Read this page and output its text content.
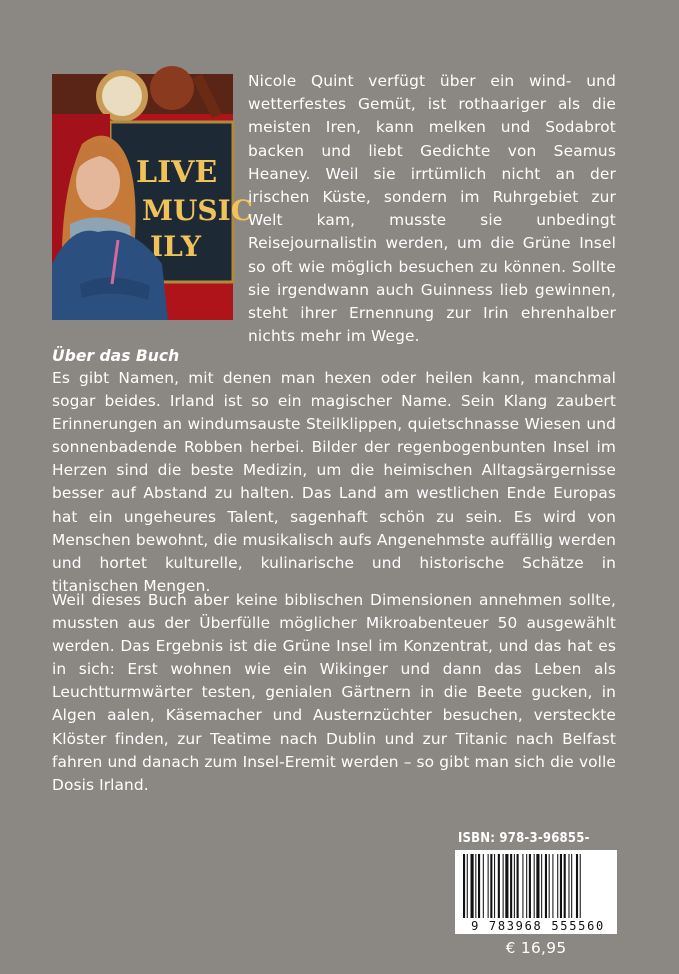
LIVE
MUSIC
ILY

Nicole Quint verfügt über ein wind- und wetterfestes Gemüt, ist rothaariger als die meisten Iren, kann melken und Sodabrot backen und liebt Gedichte von Seamus Heaney. Weil sie irrtümlich nicht an der irischen Küste, sondern im Ruhrgebiet zur Welt kam, musste sie unbedingt Reisejournalistin werden, um die Grüne Insel so oft wie möglich besuchen zu können. Sollte sie irgendwann auch Guinness lieb gewinnen, steht ihrer Ernennung zur Irin ehrenhalber nichts mehr im Wege.

Über das Buch

Es gibt Namen, mit denen man hexen oder heilen kann, manchmal sogar beides. Irland ist so ein magischer Name. Sein Klang zaubert Erinnerungen an windumsauste Steilklippen, quietschnasse Wiesen und sonnenbadende Robben herbei. Bilder der regenbogenbunten Insel im Herzen sind die beste Medizin, um die heimischen Alltagsärgernisse besser auf Abstand zu halten. Das Land am westlichen Ende Europas hat ein ungeheures Talent, sagenhaft schön zu sein. Es wird von Menschen bewohnt, die musikalisch aufs Angenehmste auffällig werden und hortet kulturelle, kulinarische und historische Schätze in titanischen Mengen.

Weil dieses Buch aber keine biblischen Dimensionen annehmen sollte, mussten aus der Überfülle möglicher Mikroabenteuer 50 ausgewählt werden. Das Ergebnis ist die Grüne Insel im Konzentrat, und das hat es in sich: Erst wohnen wie ein Wikinger und dann das Leben als Leuchtturmwärter testen, genialen Gärtnern in die Beete gucken, in Algen aalen, Käsemacher und Austernzüchter besuchen, versteckte Klöster finden, zur Teatime nach Dublin und zur Titanic nach Belfast fahren und danach zum Insel-Eremit werden – so gibt man sich die volle Dosis Irland.

ISBN: 978-3-96855-

9 783968 555560

€ 16,95
